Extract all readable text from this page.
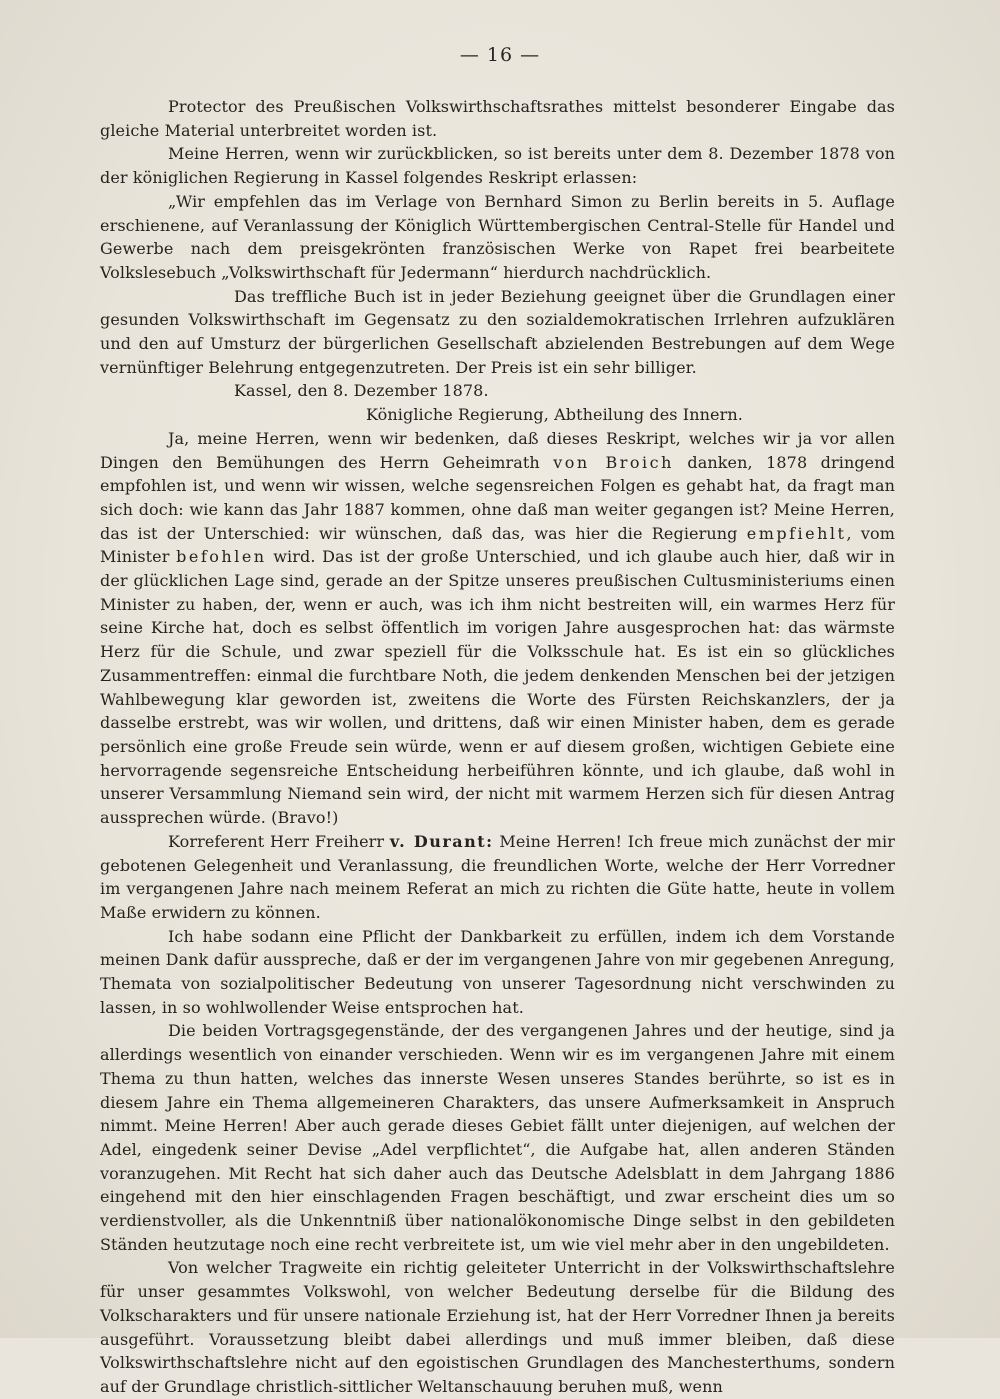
— 16 —

Protector des Preußischen Volkswirthschaftsrathes mittelst besonderer Eingabe das gleiche Material unterbreitet worden ist.

Meine Herren, wenn wir zurückblicken, so ist bereits unter dem 8. Dezember 1878 von der königlichen Regierung in Kassel folgendes Reskript erlassen:

„Wir empfehlen das im Verlage von Bernhard Simon zu Berlin bereits in 5. Auflage erschienene, auf Veranlassung der Königlich Württembergischen Central-Stelle für Handel und Gewerbe nach dem preisgekrönten französischen Werke von Rapet frei bearbeitete Volkslesebuch „Volkswirthschaft für Jedermann“ hierdurch nachdrücklich.

Das treffliche Buch ist in jeder Beziehung geeignet über die Grundlagen einer gesunden Volkswirthschaft im Gegensatz zu den sozialdemokratischen Irrlehren aufzuklären und den auf Umsturz der bürgerlichen Gesellschaft abzielenden Bestrebungen auf dem Wege vernünftiger Belehrung entgegenzutreten. Der Preis ist ein sehr billiger.

Kassel, den 8. Dezember 1878.

Königliche Regierung, Abtheilung des Innern.

Ja, meine Herren, wenn wir bedenken, daß dieses Reskript, welches wir ja vor allen Dingen den Bemühungen des Herrn Geheimrath von Broich danken, 1878 dringend empfohlen ist, und wenn wir wissen, welche segensreichen Folgen es gehabt hat, da fragt man sich doch: wie kann das Jahr 1887 kommen, ohne daß man weiter gegangen ist? Meine Herren, das ist der Unterschied: wir wünschen, daß das, was hier die Regierung empfiehlt, vom Minister befohlen wird. Das ist der große Unterschied, und ich glaube auch hier, daß wir in der glücklichen Lage sind, gerade an der Spitze unseres preußischen Cultusministeriums einen Minister zu haben, der, wenn er auch, was ich ihm nicht bestreiten will, ein warmes Herz für seine Kirche hat, doch es selbst öffentlich im vorigen Jahre ausgesprochen hat: das wärmste Herz für die Schule, und zwar speziell für die Volksschule hat. Es ist ein so glückliches Zusammentreffen: einmal die furchtbare Noth, die jedem denkenden Menschen bei der jetzigen Wahlbewegung klar geworden ist, zweitens die Worte des Fürsten Reichskanzlers, der ja dasselbe erstrebt, was wir wollen, und drittens, daß wir einen Minister haben, dem es gerade persönlich eine große Freude sein würde, wenn er auf diesem großen, wichtigen Gebiete eine hervorragende segensreiche Entscheidung herbeiführen könnte, und ich glaube, daß wohl in unserer Versammlung Niemand sein wird, der nicht mit warmem Herzen sich für diesen Antrag aussprechen würde. (Bravo!)

Korreferent Herr Freiherr v. Durant: Meine Herren! Ich freue mich zunächst der mir gebotenen Gelegenheit und Veranlassung, die freundlichen Worte, welche der Herr Vorredner im vergangenen Jahre nach meinem Referat an mich zu richten die Güte hatte, heute in vollem Maße erwidern zu können.

Ich habe sodann eine Pflicht der Dankbarkeit zu erfüllen, indem ich dem Vorstande meinen Dank dafür ausspreche, daß er der im vergangenen Jahre von mir gegebenen Anregung, Themata von sozialpolitischer Bedeutung von unserer Tagesordnung nicht verschwinden zu lassen, in so wohlwollender Weise entsprochen hat.

Die beiden Vortragsgegenstände, der des vergangenen Jahres und der heutige, sind ja allerdings wesentlich von einander verschieden. Wenn wir es im vergangenen Jahre mit einem Thema zu thun hatten, welches das innerste Wesen unseres Standes berührte, so ist es in diesem Jahre ein Thema allgemeineren Charakters, das unsere Aufmerksamkeit in Anspruch nimmt. Meine Herren! Aber auch gerade dieses Gebiet fällt unter diejenigen, auf welchen der Adel, eingedenk seiner Devise „Adel verpflichtet“, die Aufgabe hat, allen anderen Ständen voranzugehen. Mit Recht hat sich daher auch das Deutsche Adelsblatt in dem Jahrgang 1886 eingehend mit den hier einschlagenden Fragen beschäftigt, und zwar erscheint dies um so verdienstvoller, als die Unkenntniß über nationalökonomische Dinge selbst in den gebildeten Ständen heutzutage noch eine recht verbreitete ist, um wie viel mehr aber in den ungebildeten.

Von welcher Tragweite ein richtig geleiteter Unterricht in der Volkswirthschaftslehre für unser gesammtes Volkswohl, von welcher Bedeutung derselbe für die Bildung des Volkscharakters und für unsere nationale Erziehung ist, hat der Herr Vorredner Ihnen ja bereits ausgeführt. Voraussetzung bleibt dabei allerdings und muß immer bleiben, daß diese Volkswirthschaftslehre nicht auf den egoistischen Grundlagen des Manchesterthums, sondern auf der Grundlage christlich-sittlicher Weltanschauung beruhen muß, wenn
